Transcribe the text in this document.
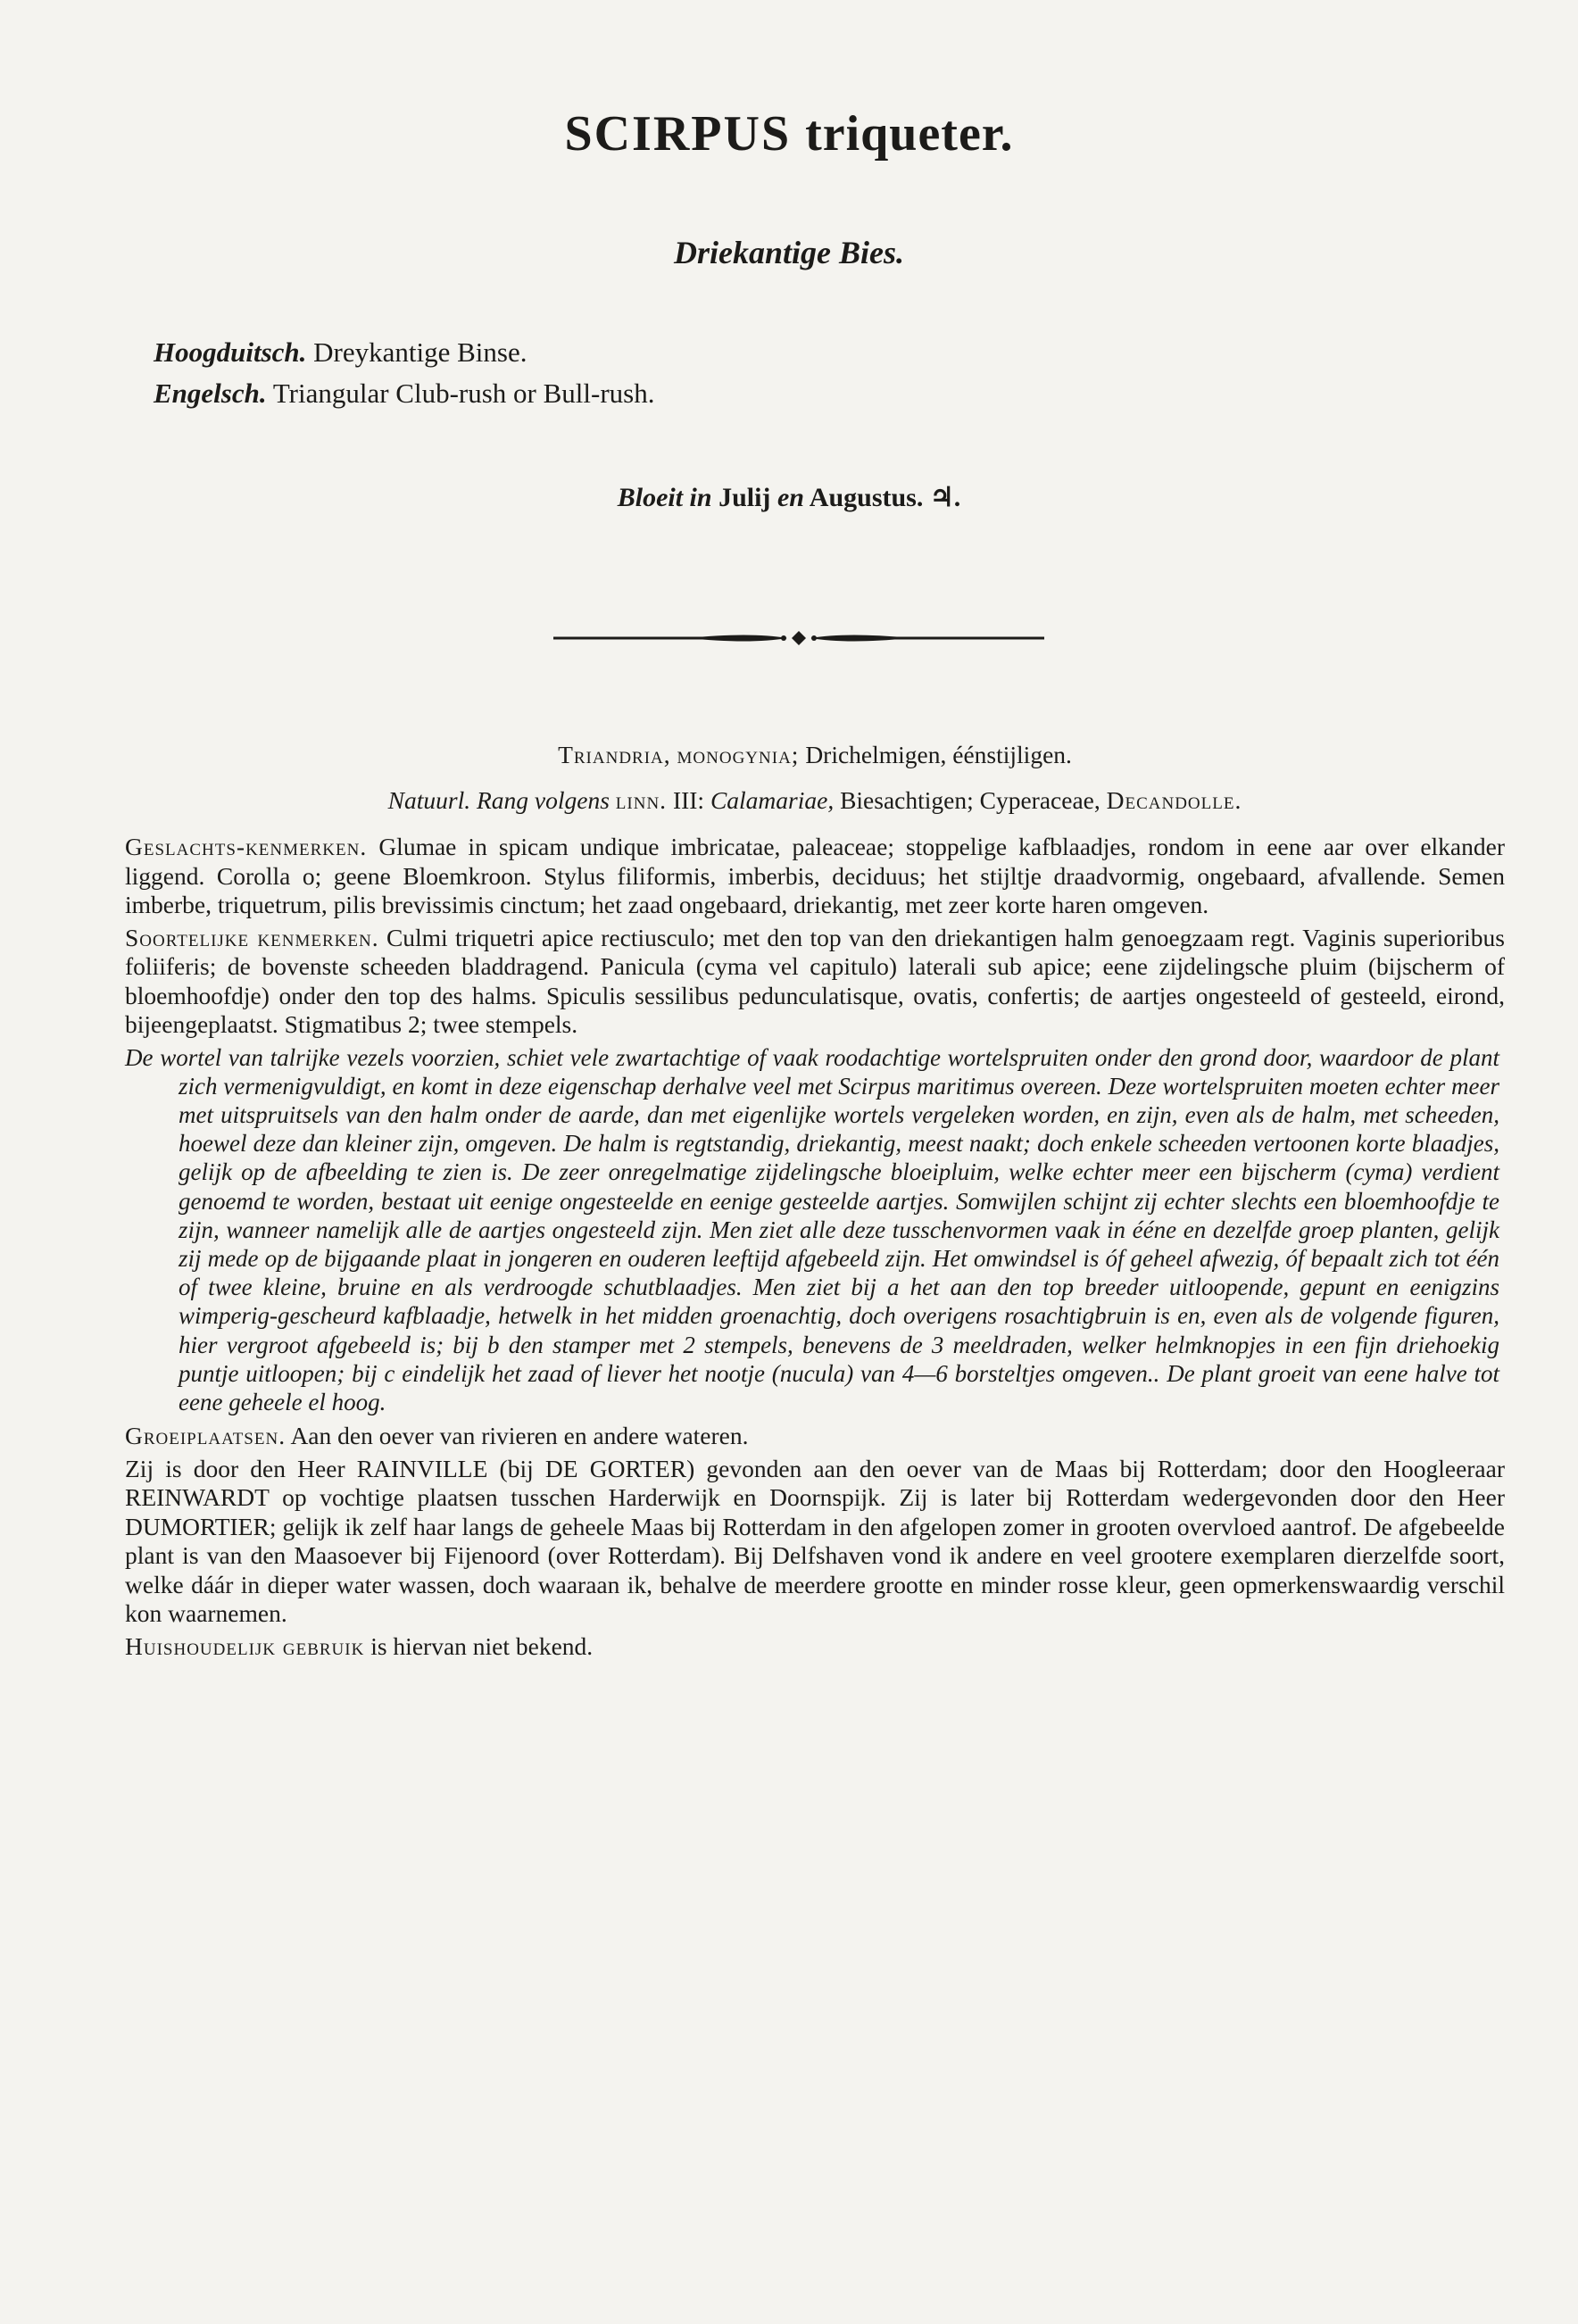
SCIRPUS triqueter.
Driekantige Bies.
Hoogduitsch. Dreykantige Binse.
Engelsch. Triangular Club-rush or Bull-rush.
Bloeit in Julij en Augustus. ♃.
Triandria, monogynia; Drichelmigen, éénstijligen.
Natuurl. Rang volgens linn. III: Calamariae, Biesachtigen; Cyperaceae, Decandolle.

Geslachts-kenmerken. Glumae in spicam undique imbricatae, paleaceae; stoppelige kafblaadjes, rondom in eene aar over elkander liggend. Corolla o; geene Bloemkroon. Stylus filiformis, imberbis, deciduus; het stijltje draadvormig, ongebaard, afvallende. Semen imberbe, triquetrum, pilis brevissimis cinctum; het zaad ongebaard, driekantig, met zeer korte haren omgeven.

Soortelijke kenmerken. Culmi triquetri apice rectiusculo; met den top van den driekantigen halm genoegzaam regt. Vaginis superioribus foliiferis; de bovenste scheeden bladdragend. Panicula (cyma vel capitulo) laterali sub apice; eene zijdelingsche pluim (bijscherm of bloemhoofdje) onder den top des halms. Spiculis sessilibus pedunculatisque, ovatis, confertis; de aartjes ongesteeld of gesteeld, eirond, bijeengeplaatst. Stigmatibus 2; twee stempels.

De wortel van talrijke vezels voorzien, schiet vele zwartachtige of vaak roodachtige wortelspruiten onder den grond door, waardoor de plant zich vermenigvuldigt, en komt in deze eigenschap derhalve veel met Scirpus maritimus overeen. Deze wortelspruiten moeten echter meer met uitspruitsels van den halm onder de aarde, dan met eigenlijke wortels vergeleken worden, en zijn, even als de halm, met scheeden, hoewel deze dan kleiner zijn, omgeven. De halm is regtstandig, driekantig, meest naakt; doch enkele scheeden vertoonen korte blaadjes, gelijk op de afbeelding te zien is. De zeer onregelmatige zijdelingsche bloeipluim, welke echter meer een bijscherm (cyma) verdient genoemd te worden, bestaat uit eenige ongesteelde en eenige gesteelde aartjes. Somwijlen schijnt zij echter slechts een bloemhoofdje te zijn, wanneer namelijk alle de aartjes ongesteeld zijn. Men ziet alle deze tusschenvormen vaak in ééne en dezelfde groep planten, gelijk zij mede op de bijgaande plaat in jongeren en ouderen leeftijd afgebeeld zijn. Het omwindsel is óf geheel afwezig, óf bepaalt zich tot één of twee kleine, bruine en als verdroogde schutblaadjes. Men ziet bij a het aan den top breeder uitloopende, gepunt en eenigzins wimperig-gescheurd kafblaadje, hetwelk in het midden groenachtig, doch overigens rosachtigbruin is en, even als de volgende figuren, hier vergroot afgebeeld is; bij b den stamper met 2 stempels, benevens de 3 meeldraden, welker helmknopjes in een fijn driehoekig puntje uitloopen; bij c eindelijk het zaad of liever het nootje (nucula) van 4—6 borsteltjes omgeven.. De plant groeit van eene halve tot eene geheele el hoog.

Groeiplaatsen. Aan den oever van rivieren en andere wateren.

Zij is door den Heer RAINVILLE (bij DE GORTER) gevonden aan den oever van de Maas bij Rotterdam; door den Hoogleeraar REINWARDT op vochtige plaatsen tusschen Harderwijk en Doornspijk. Zij is later bij Rotterdam wedergevonden door den Heer DUMORTIER; gelijk ik zelf haar langs de geheele Maas bij Rotterdam in den afgelopen zomer in grooten overvloed aantrof. De afgebeelde plant is van den Maasoever bij Fijenoord (over Rotterdam). Bij Delfshaven vond ik andere en veel grootere exemplaren dierzelfde soort, welke dáár in dieper water wassen, doch waaraan ik, behalve de meerdere grootte en minder rosse kleur, geen opmerkenswaardig verschil kon waarnemen.

Huishoudelijk gebruik is hiervan niet bekend.
